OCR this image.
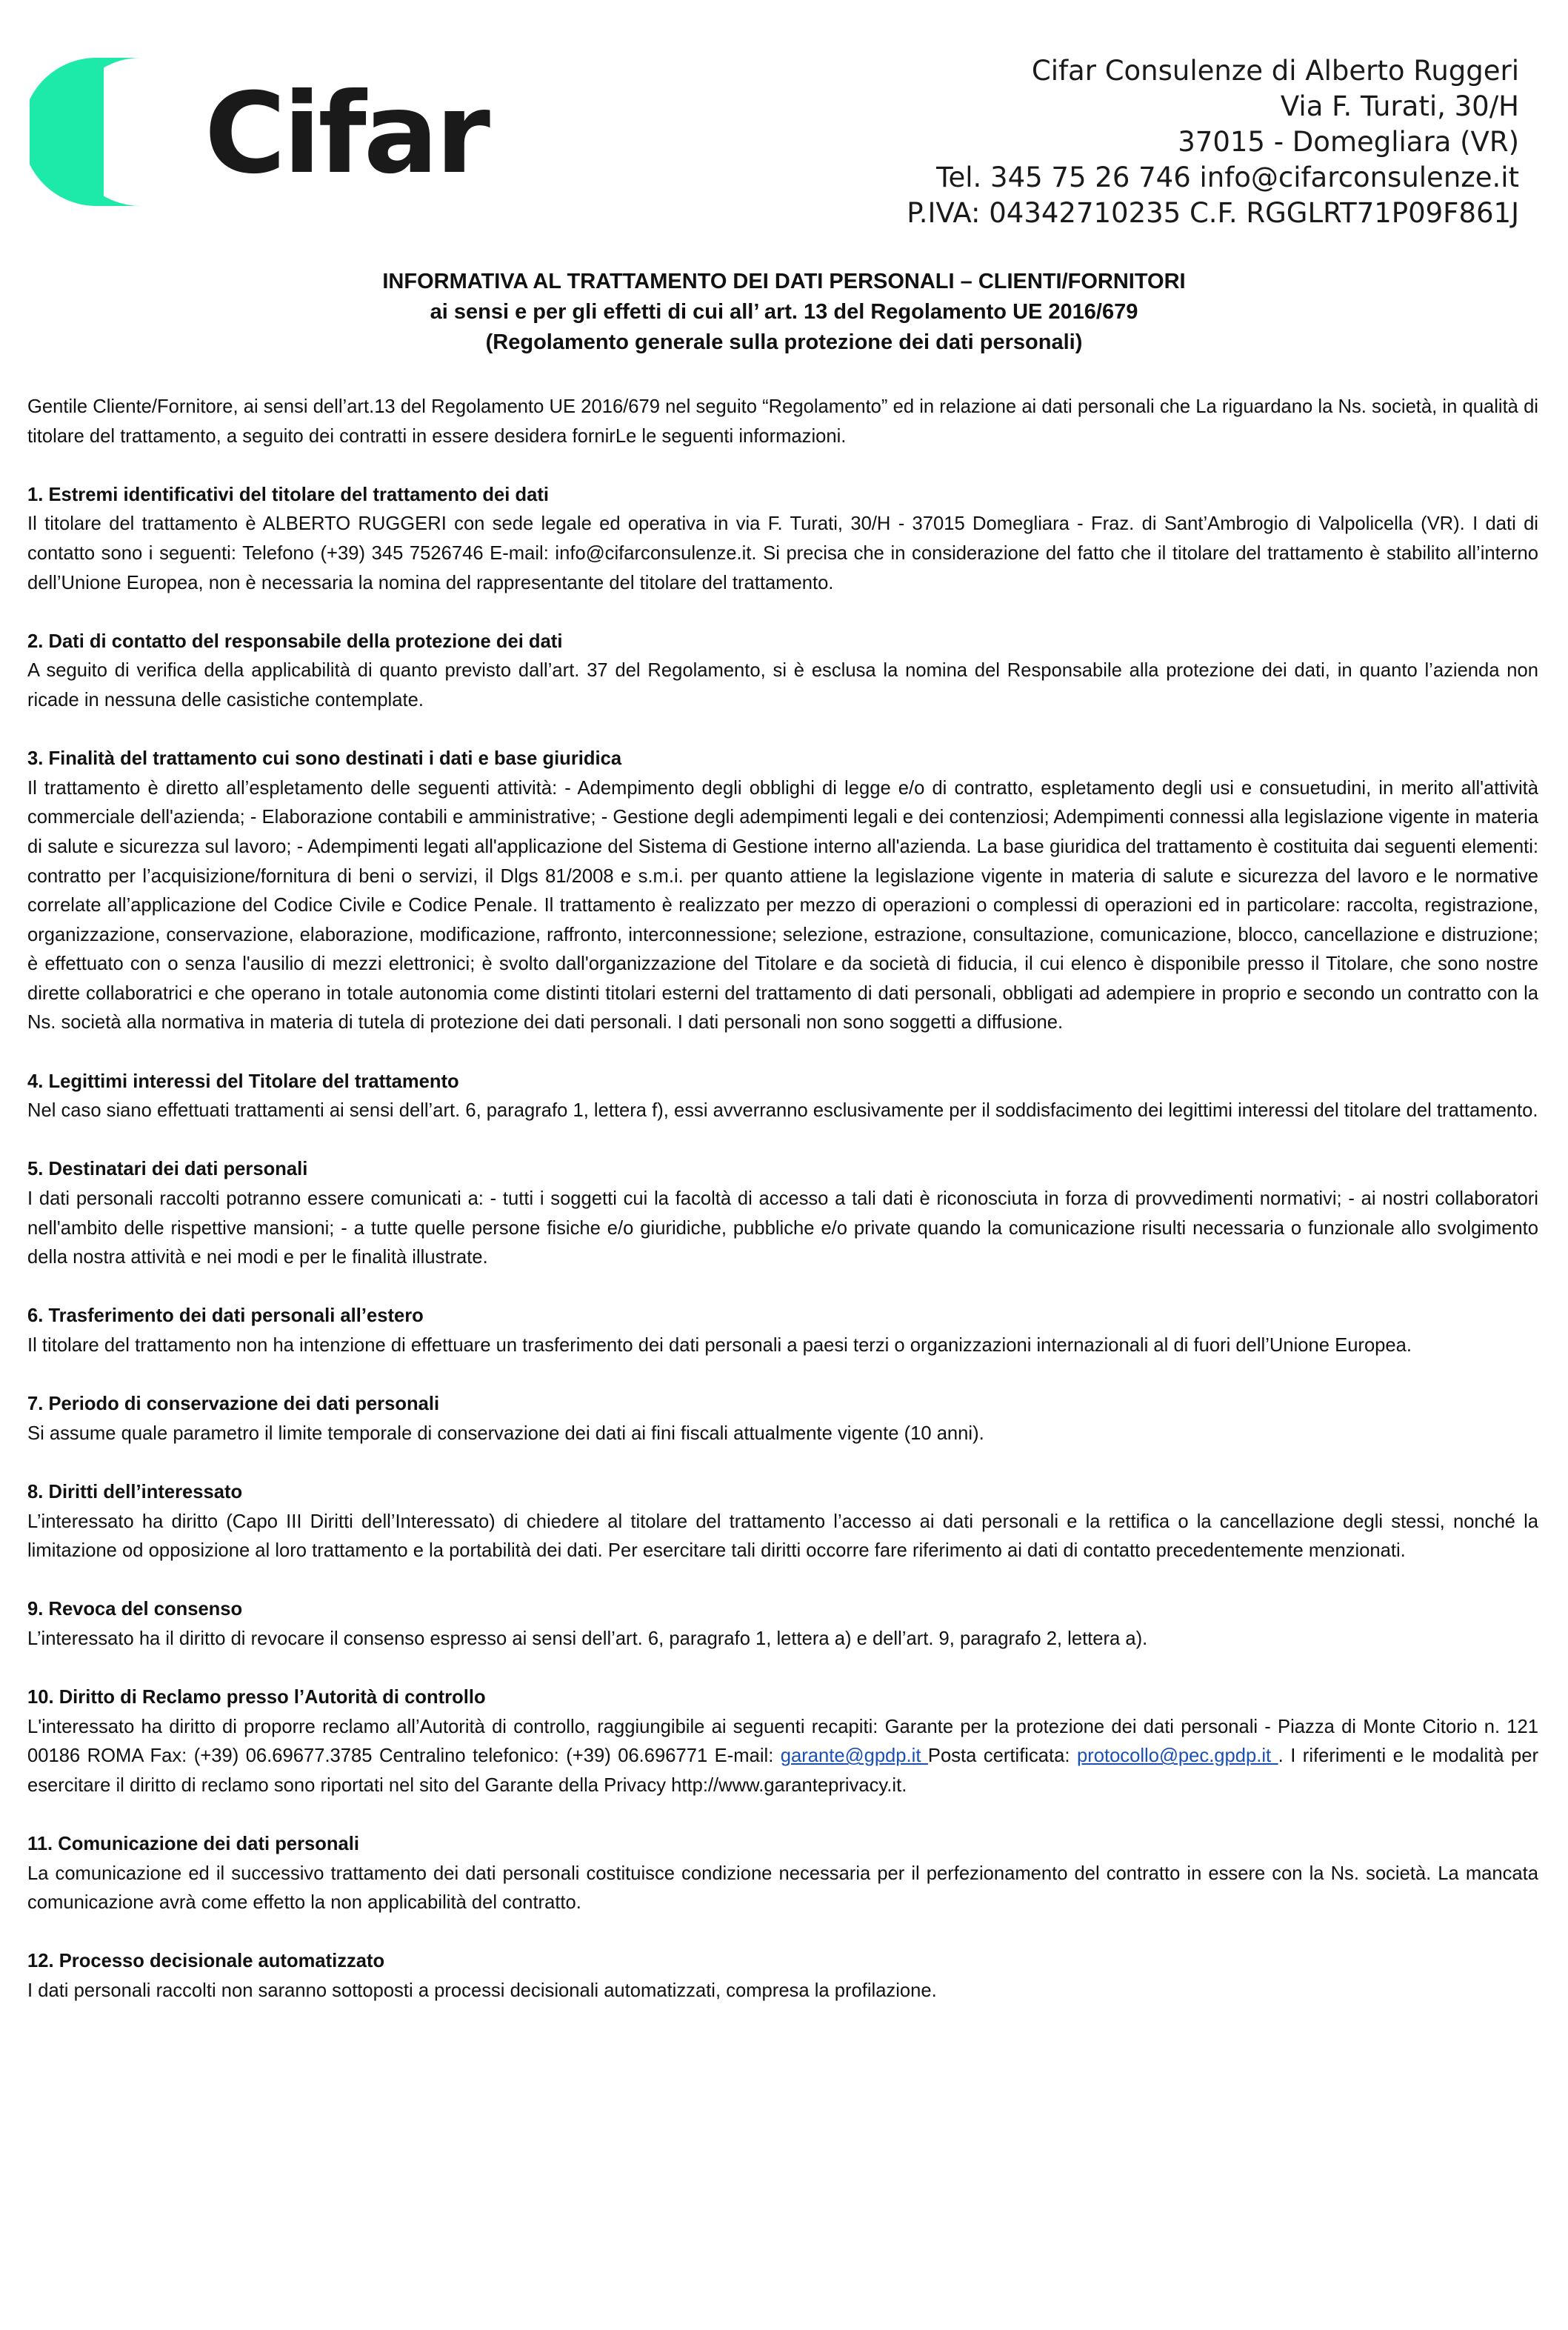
Cifar	Cifar Consulenze di Alberto Ruggeri
Via F. Turati, 30/H
37015 - Domegliara (VR)
Tel. 345 75 26 746 info@cifarconsulenze.it
P.IVA: 04342710235 C.F. RGGLRT71P09F861J
INFORMATIVA AL TRATTAMENTO DEI DATI PERSONALI – CLIENTI/FORNITORI
ai sensi e per gli effetti di cui all’ art. 13 del Regolamento UE 2016/679
(Regolamento generale sulla protezione dei dati personali)

Gentile Cliente/Fornitore, ai sensi dell’art.13 del Regolamento UE 2016/679 nel seguito “Regolamento” ed in relazione ai dati personali che La riguardano la Ns. società, in qualità di titolare del trattamento, a seguito dei contratti in essere desidera fornirLe le seguenti informazioni.

1. Estremi identificativi del titolare del trattamento dei dati

Il titolare del trattamento è ALBERTO RUGGERI con sede legale ed operativa in via F. Turati, 30/H - 37015 Domegliara - Fraz. di Sant’Ambrogio di Valpolicella (VR). I dati di contatto sono i seguenti: Telefono (+39) 345 7526746 E-mail: info@cifarconsulenze.it. Si precisa che in considerazione del fatto che il titolare del trattamento è stabilito all’interno dell’Unione Europea, non è necessaria la nomina del rappresentante del titolare del trattamento.

2. Dati di contatto del responsabile della protezione dei dati

A seguito di verifica della applicabilità di quanto previsto dall’art. 37 del Regolamento, si è esclusa la nomina del Responsabile alla protezione dei dati, in quanto l’azienda non ricade in nessuna delle casistiche contemplate.

3. Finalità del trattamento cui sono destinati i dati e base giuridica

Il trattamento è diretto all’espletamento delle seguenti attività: - Adempimento degli obblighi di legge e/o di contratto, espletamento degli usi e consuetudini, in merito all'attività commerciale dell'azienda; - Elaborazione contabili e amministrative; - Gestione degli adempimenti legali e dei contenziosi; Adempimenti connessi alla legislazione vigente in materia di salute e sicurezza sul lavoro; - Adempimenti legati all'applicazione del Sistema di Gestione interno all'azienda. La base giuridica del trattamento è costituita dai seguenti elementi: contratto per l’acquisizione/fornitura di beni o servizi, il Dlgs 81/2008 e s.m.i. per quanto attiene la legislazione vigente in materia di salute e sicurezza del lavoro e le normative correlate all’applicazione del Codice Civile e Codice Penale. Il trattamento è realizzato per mezzo di operazioni o complessi di operazioni ed in particolare: raccolta, registrazione, organizzazione, conservazione, elaborazione, modificazione, raffronto, interconnessione; selezione, estrazione, consultazione, comunicazione, blocco, cancellazione e distruzione; è effettuato con o senza l'ausilio di mezzi elettronici; è svolto dall'organizzazione del Titolare e da società di fiducia, il cui elenco è disponibile presso il Titolare, che sono nostre dirette collaboratrici e che operano in totale autonomia come distinti titolari esterni del trattamento di dati personali, obbligati ad adempiere in proprio e secondo un contratto con la Ns. società alla normativa in materia di tutela di protezione dei dati personali. I dati personali non sono soggetti a diffusione.

4. Legittimi interessi del Titolare del trattamento

Nel caso siano effettuati trattamenti ai sensi dell’art. 6, paragrafo 1, lettera f), essi avverranno esclusivamente per il soddisfacimento dei legittimi interessi del titolare del trattamento.

5. Destinatari dei dati personali

I dati personali raccolti potranno essere comunicati a: - tutti i soggetti cui la facoltà di accesso a tali dati è riconosciuta in forza di provvedimenti normativi; - ai nostri collaboratori nell'ambito delle rispettive mansioni; - a tutte quelle persone fisiche e/o giuridiche, pubbliche e/o private quando la comunicazione risulti necessaria o funzionale allo svolgimento della nostra attività e nei modi e per le finalità illustrate.

6. Trasferimento dei dati personali all’estero

Il titolare del trattamento non ha intenzione di effettuare un trasferimento dei dati personali a paesi terzi o organizzazioni internazionali al di fuori dell’Unione Europea.

7. Periodo di conservazione dei dati personali

Si assume quale parametro il limite temporale di conservazione dei dati ai fini fiscali attualmente vigente (10 anni).

8. Diritti dell’interessato

L’interessato ha diritto (Capo III Diritti dell’Interessato) di chiedere al titolare del trattamento l’accesso ai dati personali e la rettifica o la cancellazione degli stessi, nonché la limitazione od opposizione al loro trattamento e la portabilità dei dati. Per esercitare tali diritti occorre fare riferimento ai dati di contatto precedentemente menzionati.

9. Revoca del consenso

L’interessato ha il diritto di revocare il consenso espresso ai sensi dell’art. 6, paragrafo 1, lettera a) e dell’art. 9, paragrafo 2, lettera a).

10. Diritto di Reclamo presso l’Autorità di controllo

L'interessato ha diritto di proporre reclamo all’Autorità di controllo, raggiungibile ai seguenti recapiti: Garante per la protezione dei dati personali - Piazza di Monte Citorio n. 121 00186 ROMA Fax: (+39) 06.69677.3785 Centralino telefonico: (+39) 06.696771 E-mail: garante@gpdp.it Posta certificata: protocollo@pec.gpdp.it . I riferimenti e le modalità per esercitare il diritto di reclamo sono riportati nel sito del Garante della Privacy http://www.garanteprivacy.it.

11. Comunicazione dei dati personali

La comunicazione ed il successivo trattamento dei dati personali costituisce condizione necessaria per il perfezionamento del contratto in essere con la Ns. società. La mancata comunicazione avrà come effetto la non applicabilità del contratto.

12. Processo decisionale automatizzato

I dati personali raccolti non saranno sottoposti a processi decisionali automatizzati, compresa la profilazione.
